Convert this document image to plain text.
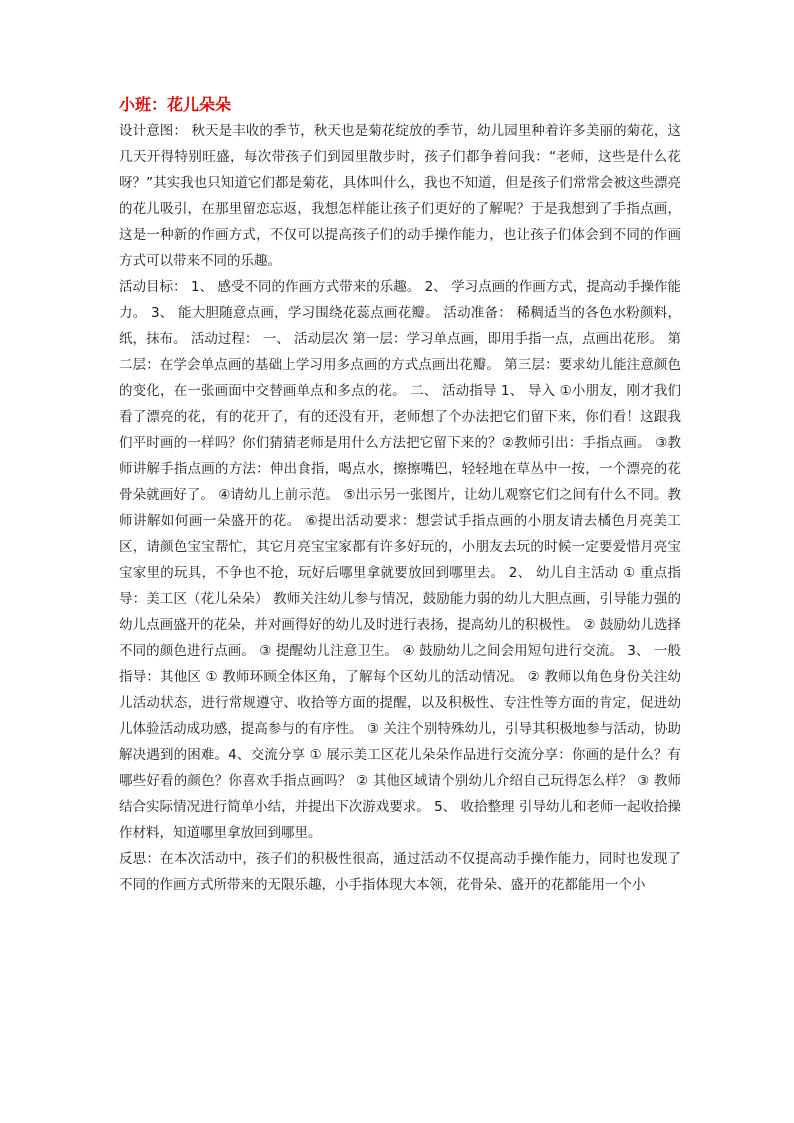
小班：花儿朵朵

设计意图： 秋天是丰收的季节，秋天也是菊花绽放的季节，幼儿园里种着许多美丽的菊花，这几天开得特别旺盛，每次带孩子们到园里散步时，孩子们都争着问我：“老师，这些是什么花呀？”其实我也只知道它们都是菊花，具体叫什么，我也不知道，但是孩子们常常会被这些漂亮的花儿吸引，在那里留恋忘返，我想怎样能让孩子们更好的了解呢？于是我想到了手指点画，这是一种新的作画方式，不仅可以提高孩子们的动手操作能力，也让孩子们体会到不同的作画方式可以带来不同的乐趣。

活动目标： 1、 感受不同的作画方式带来的乐趣。 2、 学习点画的作画方式，提高动手操作能力。 3、 能大胆随意点画，学习围绕花蕊点画花瓣。 活动准备： 稀稠适当的各色水粉颜料，纸，抹布。 活动过程： 一、 活动层次 第一层：学习单点画，即用手指一点，点画出花形。 第二层：在学会单点画的基础上学习用多点画的方式点画出花瓣。 第三层：要求幼儿能注意颜色的变化，在一张画面中交替画单点和多点的花。 二、 活动指导 1、 导入 ①小朋友，刚才我们看了漂亮的花，有的花开了，有的还没有开，老师想了个办法把它们留下来，你们看！这跟我们平时画的一样吗？你们猜猜老师是用什么方法把它留下来的？②教师引出：手指点画。 ③教师讲解手指点画的方法：伸出食指，喝点水，擦擦嘴巴，轻轻地在草丛中一按，一个漂亮的花骨朵就画好了。 ④请幼儿上前示范。 ⑤出示另一张图片，让幼儿观察它们之间有什么不同。教师讲解如何画一朵盛开的花。 ⑥提出活动要求：想尝试手指点画的小朋友请去橘色月亮美工区，请颜色宝宝帮忙，其它月亮宝宝家都有许多好玩的，小朋友去玩的时候一定要爱惜月亮宝宝家里的玩具，不争也不抢，玩好后哪里拿就要放回到哪里去。 2、 幼儿自主活动 ① 重点指导：美工区（花儿朵朵） 教师关注幼儿参与情况，鼓励能力弱的幼儿大胆点画，引导能力强的幼儿点画盛开的花朵，并对画得好的幼儿及时进行表扬，提高幼儿的积极性。 ② 鼓励幼儿选择不同的颜色进行点画。 ③ 提醒幼儿注意卫生。 ④ 鼓励幼儿之间会用短句进行交流。 3、 一般指导：其他区 ① 教师环顾全体区角，了解每个区幼儿的活动情况。 ② 教师以角色身份关注幼儿活动状态，进行常规遵守、收拾等方面的提醒，以及积极性、专注性等方面的肯定，促进幼儿体验活动成功感，提高参与的有序性。 ③ 关注个别特殊幼儿，引导其积极地参与活动，协助解决遇到的困难。4、交流分享 ① 展示美工区花儿朵朵作品进行交流分享：你画的是什么？有哪些好看的颜色？你喜欢手指点画吗？ ② 其他区域请个别幼儿介绍自己玩得怎么样？ ③ 教师结合实际情况进行简单小结，并提出下次游戏要求。 5、 收拾整理 引导幼儿和老师一起收拾操作材料，知道哪里拿放回到哪里。

反思：在本次活动中，孩子们的积极性很高，通过活动不仅提高动手操作能力，同时也发现了不同的作画方式所带来的无限乐趣，小手指体现大本领，花骨朵、盛开的花都能用一个小
